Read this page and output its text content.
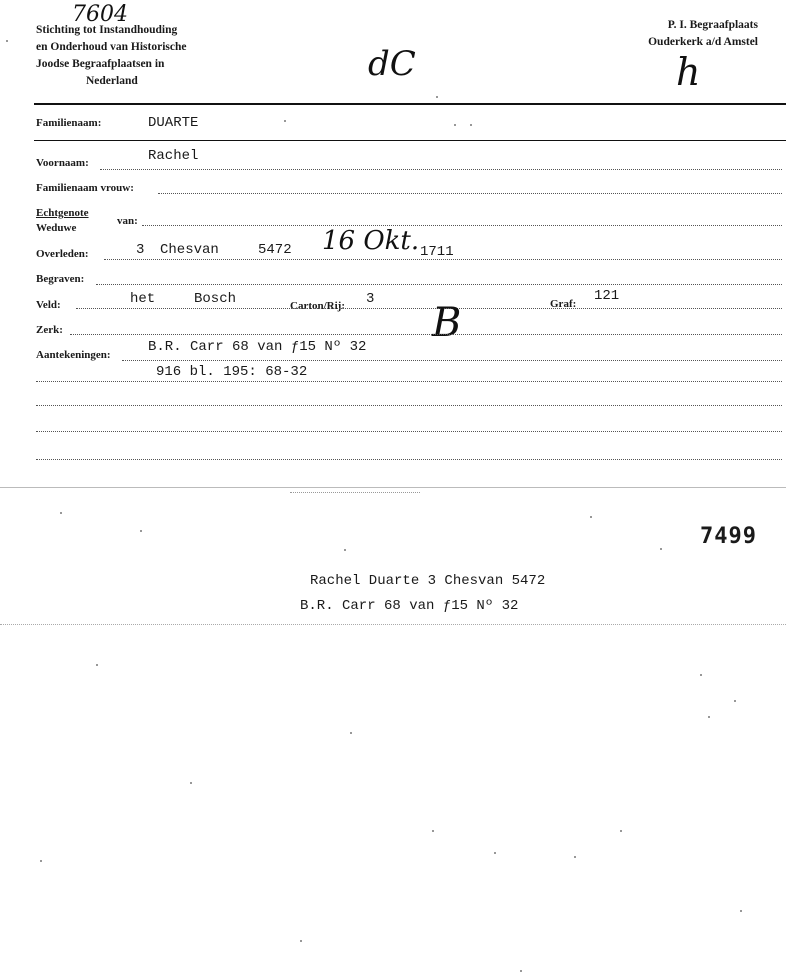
7604
Stichting tot Instandhouding
en Onderhoud van Historische
Joodse Begraafplaatsen in
Nederland	dC
P. I. Begraafplaats
Ouderkerk a/d Amstel
h
Familienaam:	DUARTE
Voornaam:	Rachel
Familienaam vrouw:
Echtgenote
Weduwe
van:
Overleden:	3 Chesvan	5472 16 Okt. 1711
Begraven:
Veld:	het	Bosch	Carton/Rij: 3	Graf: 121
B
Zerk:
Aantekeningen:	B.R. Carr 68 van ƒ15 Nº 32
916 bl. 195: 68-32
7499
Rachel Duarte 3 Chesvan 5472
B.R. Carr 68 van ƒ15 Nº 32
